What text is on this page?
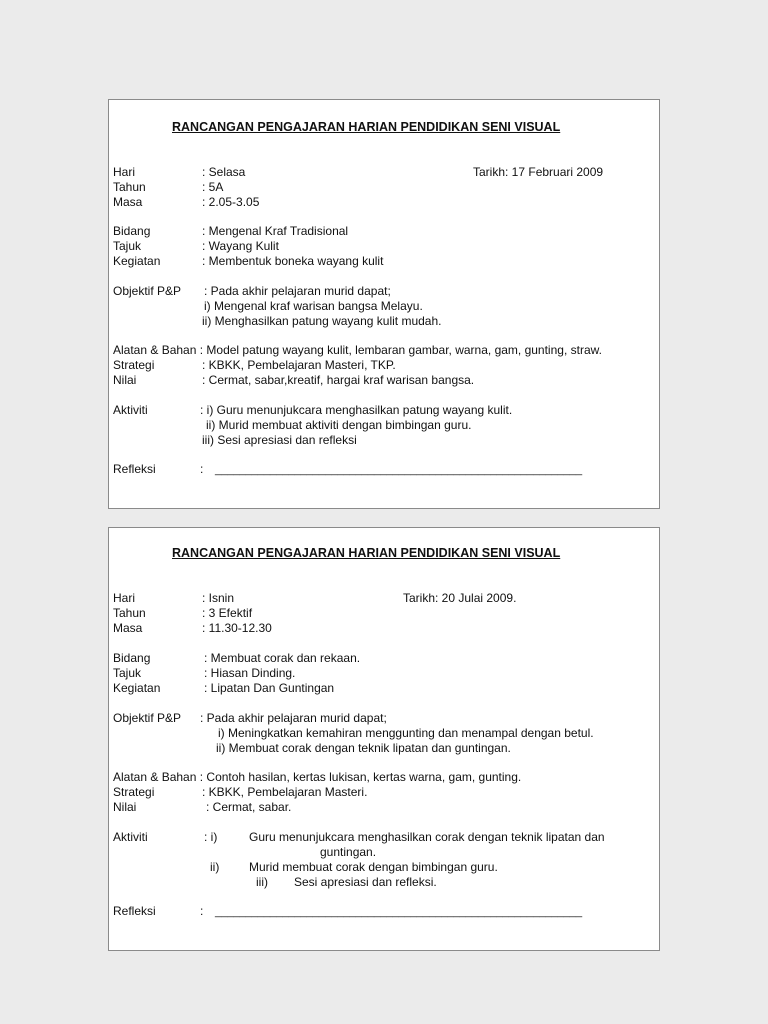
RANCANGAN PENGAJARAN HARIAN PENDIDIKAN SENI VISUAL
Hari	: Selasa	Tarikh: 17 Februari 2009
Tahun	: 5A
Masa	: 2.05-3.05
Bidang	: Mengenal Kraf Tradisional
Tajuk	: Wayang Kulit
Kegiatan	: Membentuk boneka wayang kulit
Objektif P&P : Pada akhir pelajaran murid dapat;
i) Mengenal kraf warisan bangsa Melayu.
ii) Menghasilkan patung wayang kulit mudah.
Alatan & Bahan : Model patung wayang kulit, lembaran gambar, warna, gam, gunting, straw.
Strategi	: KBKK, Pembelajaran Masteri, TKP.
Nilai	: Cermat, sabar,kreatif, hargai kraf warisan bangsa.
Aktiviti	: i) Guru menunjukcara menghasilkan patung wayang kulit.
ii) Murid membuat aktiviti dengan bimbingan guru.
iii) Sesi apresiasi dan refleksi
Refleksi	: ____________________________________________________________
RANCANGAN PENGAJARAN HARIAN PENDIDIKAN SENI VISUAL
Hari	: Isnin	Tarikh: 20 Julai 2009.
Tahun	: 3 Efektif
Masa	: 11.30-12.30
Bidang	: Membuat corak dan rekaan.
Tajuk	: Hiasan Dinding.
Kegiatan	: Lipatan Dan Guntingan
Objektif P&P : Pada akhir pelajaran murid dapat;
i) Meningkatkan kemahiran menggunting dan menampal dengan betul.
ii) Membuat corak dengan teknik lipatan dan guntingan.
Alatan & Bahan : Contoh hasilan, kertas lukisan, kertas warna, gam, gunting.
Strategi	: KBKK, Pembelajaran Masteri.
Nilai	: Cermat, sabar.
Aktiviti	: i)	Guru menunjukcara menghasilkan corak dengan teknik lipatan dan
guntingan.
ii) Murid membuat corak dengan bimbingan guru.
iii) Sesi apresiasi dan refleksi.
Refleksi	: ____________________________________________________________
